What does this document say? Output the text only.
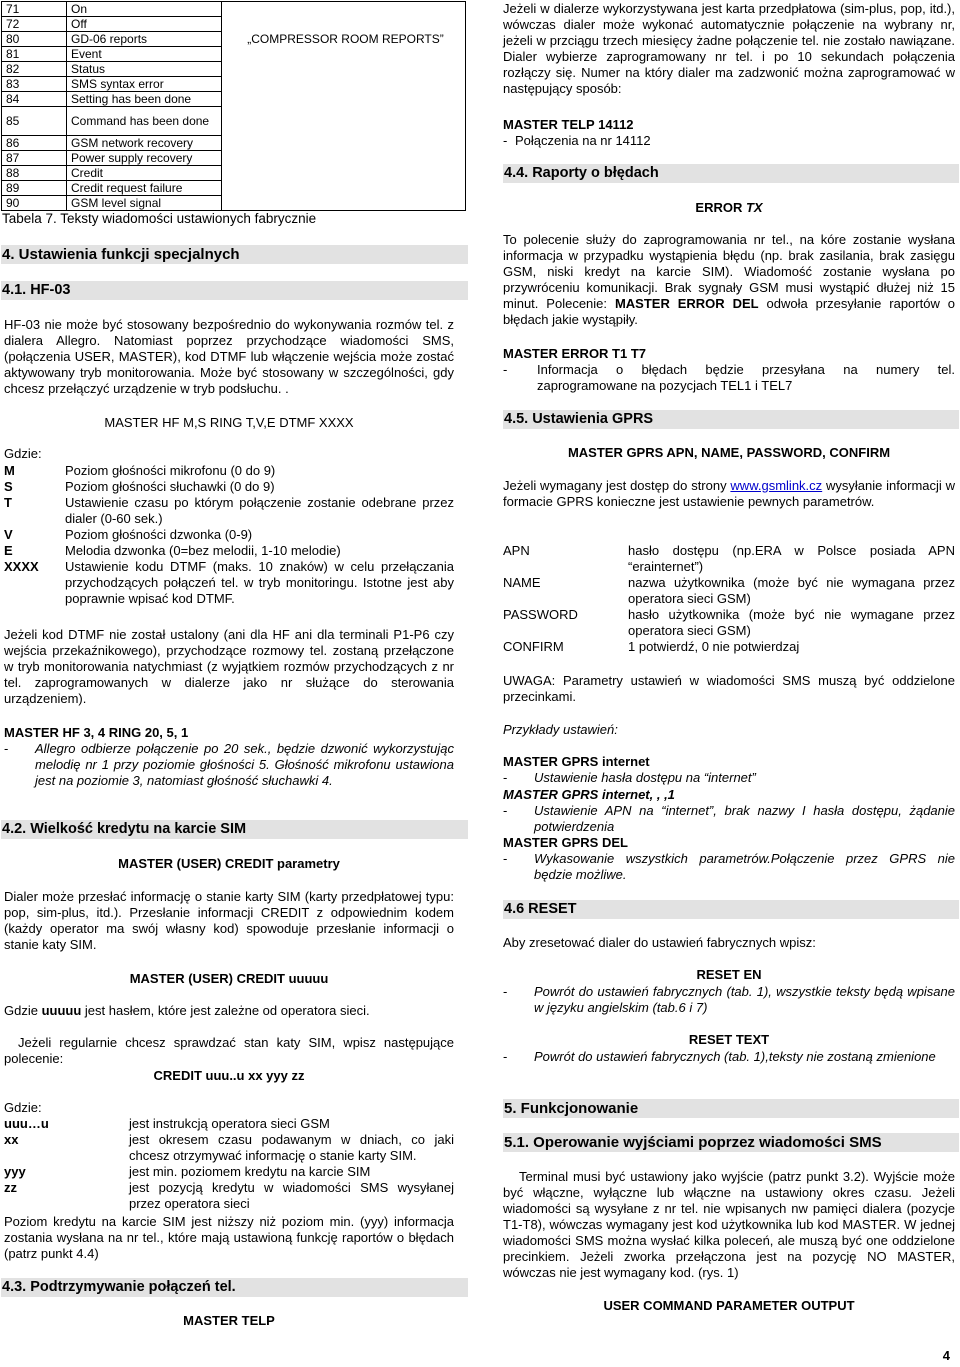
71	On	
72	Off	
80	GD-06 reports	„COMPRESSOR ROOM REPORTS”
81	Event	
82	Status	
83	SMS syntax error	
84	Setting has been done	
85	Command has been done	
86	GSM network recovery	
87	Power supply recovery	
88	Credit	
89	Credit request failure	
90	GSM level signal	
Tabela 7. Teksty wiadomości ustawionych fabrycznie
4. Ustawienia funkcji specjalnych
4.1. HF-03
HF-03 nie może być stosowany bezpośrednio do wykonywania rozmów tel. z dialera Allegro. Natomiast poprzez przychodzące wiadomości SMS, (połączenia USER, MASTER), kod DTMF lub włączenie wejścia może zostać aktywowany tryb monitorowania. Może być stosowany w szczególności, gdy chcesz przełączyć urządzenie w tryb podsłuchu. .
MASTER HF M,S RING T,V,E DTMF XXXX
Gdzie:
M	Poziom głośności mikrofonu (0 do 9)
S	Poziom głośności słuchawki (0 do 9)
T	Ustawienie czasu po którym połączenie zostanie odebrane przez dialer (0-60 sek.)
V	Poziom głośności dzwonka (0-9)
E	Melodia dzwonka (0=bez melodii, 1-10 melodie)
XXXX Ustawienie kodu DTMF (maks. 10 znaków) w celu przełączania przychodzących połączeń tel. w tryb monitoringu. Istotne jest aby poprawnie wpisać kod DTMF.
Jeżeli kod DTMF nie został ustalony (ani dla HF ani dla terminali P1-P6 czy wejścia przekaźnikowego), przychodzące rozmowy tel. zostaną przełączone w tryb monitorowania natychmiast (z wyjątkiem rozmów przychodzących z nr tel. zaprogramowanych w dialerze jako nr służące do sterowania urządzeniem).
MASTER HF 3, 4 RING 20, 5, 1
- Allegro odbierze połączenie po 20 sek., będzie dzwonić wykorzystując melodię nr 1 przy poziomie głośności 5. Głośność mikrofonu ustawiona jest na poziomie 3, natomiast głośność słuchawki 4.
4.2. Wielkość kredytu na karcie SIM
MASTER (USER) CREDIT parametry
Dialer może przesłać informację o stanie karty SIM (karty przedpłatowej typu: pop, sim-plus, itd.). Przesłanie informacji CREDIT z odpowiednim kodem (każdy operator ma swój własny kod) spowoduje przesłanie informacji o stanie katy SIM.
MASTER (USER) CREDIT uuuuu
Gdzie uuuuu jest hasłem, które jest zależne od operatora sieci.
Jeżeli regularnie chcesz sprawdzać stan katy SIM, wpisz następujące polecenie:
CREDIT uuu..u xx yyy zz
Gdzie:
uuu…u	jest instrukcją operatora sieci GSM
xx	jest okresem czasu podawanym w dniach, co jaki chcesz otrzymywać informację o stanie karty SIM.
yyy	jest min. poziomem kredytu na karcie SIM
zz	jest pozycją kredytu w wiadomości SMS wysyłanej przez operatora sieci
Poziom kredytu na karcie SIM jest niższy niż poziom min. (yyy) informacja zostania wysłana na nr tel., które mają ustawioną funkcję raportów o błędach (patrz punkt 4.4)
4.3. Podtrzymywanie połączeń tel.
MASTER TELP
Jeżeli w dialerze wykorzystywana jest karta przedpłatowa (sim-plus, pop, itd.), wówczas dialer może wykonać automatycznie połączenie na wybrany nr, jeżeli w przciągu trzech miesięcy żadne połączenie tel. nie zostało nawiązane. Dialer wybierze zaprogramowany nr tel. i po 10 sekundach połączenia rozłączy się. Numer na który dialer ma zadzwonić można zaprogramować w następujący sposób:
MASTER TELP 14112
- Połączenia na nr 14112
4.4. Raporty o błędach
ERROR TX
To polecenie służy do zaprogramowania nr tel., na kóre zostanie wysłana informacja w przypadku wystąpienia błędu (np. brak zasilania, brak zasięgu GSM, niski kredyt na karcie SIM). Wiadomość zostanie wysłana po przywróceniu komunikacji. Brak sygnały GSM musi wystąpić dłużej niż 15 minut. Polecenie: MASTER ERROR DEL odwoła przesyłanie raportów o błędach jakie wystąpiły.
MASTER ERROR T1 T7
- Informacja o błędach będzie przesyłana na numery tel. zaprogramowane na pozycjach TEL1 i TEL7
4.5. Ustawienia GPRS
MASTER GPRS APN, NAME, PASSWORD, CONFIRM
Jeżeli wymagany jest dostęp do strony www.gsmlink.cz wysyłanie informacji w formacie GPRS konieczne jest ustawienie pewnych parametrów.
APN	hasło dostępu (np.ERA w Polsce posiada APN “erainternet”)
NAME	nazwa użytkownika (może być nie wymagana przez operatora sieci GSM)
PASSWORD	hasło użytkownika (może być nie wymagane przez operatora sieci GSM)
CONFIRM	1 potwierdź, 0 nie potwierdzaj
UWAGA: Parametry ustawień w wiadomości SMS muszą być oddzielone przecinkami.
Przykłady ustawień:
MASTER GPRS internet
- Ustawienie hasła dostępu na “internet”
MASTER GPRS internet, , ,1
- Ustawienie APN na “internet”, brak nazwy I hasła dostępu, żądanie potwierdzenia
MASTER GPRS DEL
- Wykasowanie wszystkich parametrów.Połączenie przez GPRS nie będzie możliwe.
4.6 RESET
Aby zresetować dialer do ustawień fabrycznych wpisz:
RESET EN
- Powrót do ustawień fabrycznych (tab. 1), wszystkie teksty będą wpisane w języku angielskim (tab.6 i 7)
RESET TEXT
- Powrót do ustawień fabrycznych (tab. 1),teksty nie zostaną zmienione
5. Funkcjonowanie
5.1. Operowanie wyjściami poprzez wiadomości SMS
Terminal musi być ustawiony jako wyjście (patrz punkt 3.2). Wyjście może być włączne, wyłączne lub włączne na ustawiony okres czasu. Jeżeli wiadomości są wysyłane z nr tel. nie wpisanych nw pamięci dialera (pozycje T1-T8), wówczas wymagany jest kod użytkownika lub kod MASTER. W jednej wiadomości SMS można wysłać kilka poleceń, ale muszą być one oddzielone precinkiem. Jeżeli zworka przełączona jest na pozycję NO MASTER, wówczas nie jest wymagany kod. (rys. 1)
USER COMMAND PARAMETER OUTPUT
4
